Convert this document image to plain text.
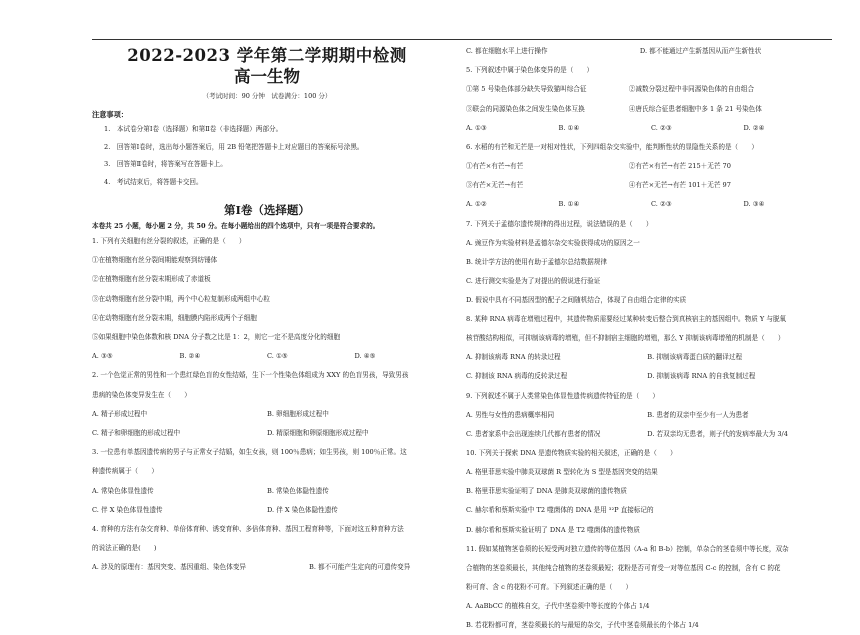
2022-2023 学年第二学期期中检测
高一生物
（考试时间：90 分钟　试卷满分：100 分）
注意事项：
1.　本试卷分第Ⅰ卷（选择题）和第Ⅱ卷（非选择题）两部分。
2.　回答第Ⅰ卷时，选出每小题答案后，用 2B 铅笔把答题卡上对应题目的答案标号涂黑。
3.　回答第Ⅱ卷时，将答案写在答题卡上。
4.　考试结束后，将答题卡交回。
第Ⅰ卷（选择题）
本卷共 25 小题，每小题 2 分，共 50 分。在每小题给出的四个选项中，只有一项是符合要求的。
1. 下列有关细胞有丝分裂的叙述，正确的是（　　）
①在植物细胞有丝分裂间期能观察到纺锤体
②在植物细胞有丝分裂末期形成了赤道板
③在动物细胞有丝分裂中期，两个中心粒复制形成两组中心粒
④在动物细胞有丝分裂末期，细胞膜内陷形成两个子细胞
⑤如果细胞中染色体数和核 DNA 分子数之比是 1：2，则它一定不是高度分化的细胞
A. ③⑤	B. ②④	C. ①⑤	D. ④⑤
2. 一个色觉正常的男性和一个患红绿色盲的女性结婚，生下一个性染色体组成为 XXY 的色盲男孩，导致男孩
患病的染色体变异发生在（　　）
A. 精子形成过程中	B. 卵细胞形成过程中
C. 精子和卵细胞的形成过程中	D. 精原细胞和卵原细胞形成过程中
3. 一位患有单基因遗传病的男子与正常女子结婚，如生女孩，则 100％患病；如生男孩，则 100％正常。这
种遗传病属于（　　）
A. 常染色体显性遗传	B. 常染色体隐性遗传
C. 伴 X 染色体显性遗传	D. 伴 X 染色体隐性遗传
4. 育种的方法有杂交育种、单倍体育种、诱变育种、多倍体育种、基因工程育种等，下面对这五种育种方法
的说法正确的是(　　)
A. 涉及的原理有：基因突变、基因重组、染色体变异	B. 都不可能产生定向的可遗传变异
C. 都在细胞水平上进行操作	D. 都不能通过产生新基因从而产生新性状
5. 下列叙述中属于染色体变异的是（　　）
①第 5 号染色体部分缺失导致猫叫综合征	②减数分裂过程中非同源染色体的自由组合
③联会的同源染色体之间发生染色体互换	④唐氏综合征患者细胞中多 1 条 21 号染色体
A. ①③	B. ①④	C. ②③	D. ②④
6. 水稻的有芒和无芒是一对相对性状，下列四组杂交实验中，能判断性状的显隐性关系的是（　　）
①有芒×有芒→有芒	②有芒×有芒→有芒 215＋无芒 70
③有芒×无芒→有芒	④有芒×无芒→有芒 101＋无芒 97
A. ①②	B. ①④	C. ②③	D. ③④
7. 下列关于孟德尔遗传规律的得出过程，说法错误的是（　　）
A. 豌豆作为实验材料是孟德尔杂交实验获得成功的原因之一
B. 统计学方法的使用有助于孟德尔总结数据规律
C. 进行测交实验是为了对提出的假说进行验证
D. 假说中具有不同基因型的配子之间随机结合，体现了自由组合定律的实质
8. 某种 RNA 病毒在增殖过程中，其遗传物质需要经过某种转变后整合到真核宿主的基因组中。物质 Y 与脱氧
核苷酸结构相似，可抑制该病毒的增殖，但不抑制宿主细胞的增殖，那么 Y 抑制该病毒增殖的机制是（　　）
A. 抑制该病毒 RNA 的转录过程	B. 抑制该病毒蛋白质的翻译过程
C. 抑制该 RNA 病毒的反转录过程	D. 抑制该病毒 RNA 的自我复制过程
9. 下列叙述不属于人类常染色体显性遗传病遗传特征的是（　　）
A. 男性与女性的患病概率相同	B. 患者的双亲中至少有一人为患者
C. 患者家系中会出现连续几代都有患者的情况	D. 若双亲均无患者，则子代的发病率最大为 3/4
10. 下列关于探索 DNA 是遗传物质实验的相关叙述，正确的是（　　）
A. 格里菲思实验中肺炎双球菌 R 型转化为 S 型是基因突变的结果
B. 格里菲思实验证明了 DNA 是肺炎双球菌的遗传物质
C. 赫尔希和蔡斯实验中 T2 噬菌体的 DNA 是用 ³²P 直接标记的
D. 赫尔希和蔡斯实验证明了 DNA 是 T2 噬菌体的遗传物质
11. 假如某植物茎卷须的长短受两对独立遗传的等位基因（A-a 和 B-b）控制，单杂合的茎卷须中等长度，双杂
合植物的茎卷须最长，其他纯合植物的茎卷须最短；花粉是否可育受一对等位基因 C-c 的控制，含有 C 的花
粉可育、含 c 的花粉不可育。下列叙述正确的是（　　）
A. AaBbCC 的植株自交，子代中茎卷须中等长度的个体占 1/4
B. 若花粉都可育，茎卷须最长的与最短的杂交，子代中茎卷须最长的个体占 1/4
